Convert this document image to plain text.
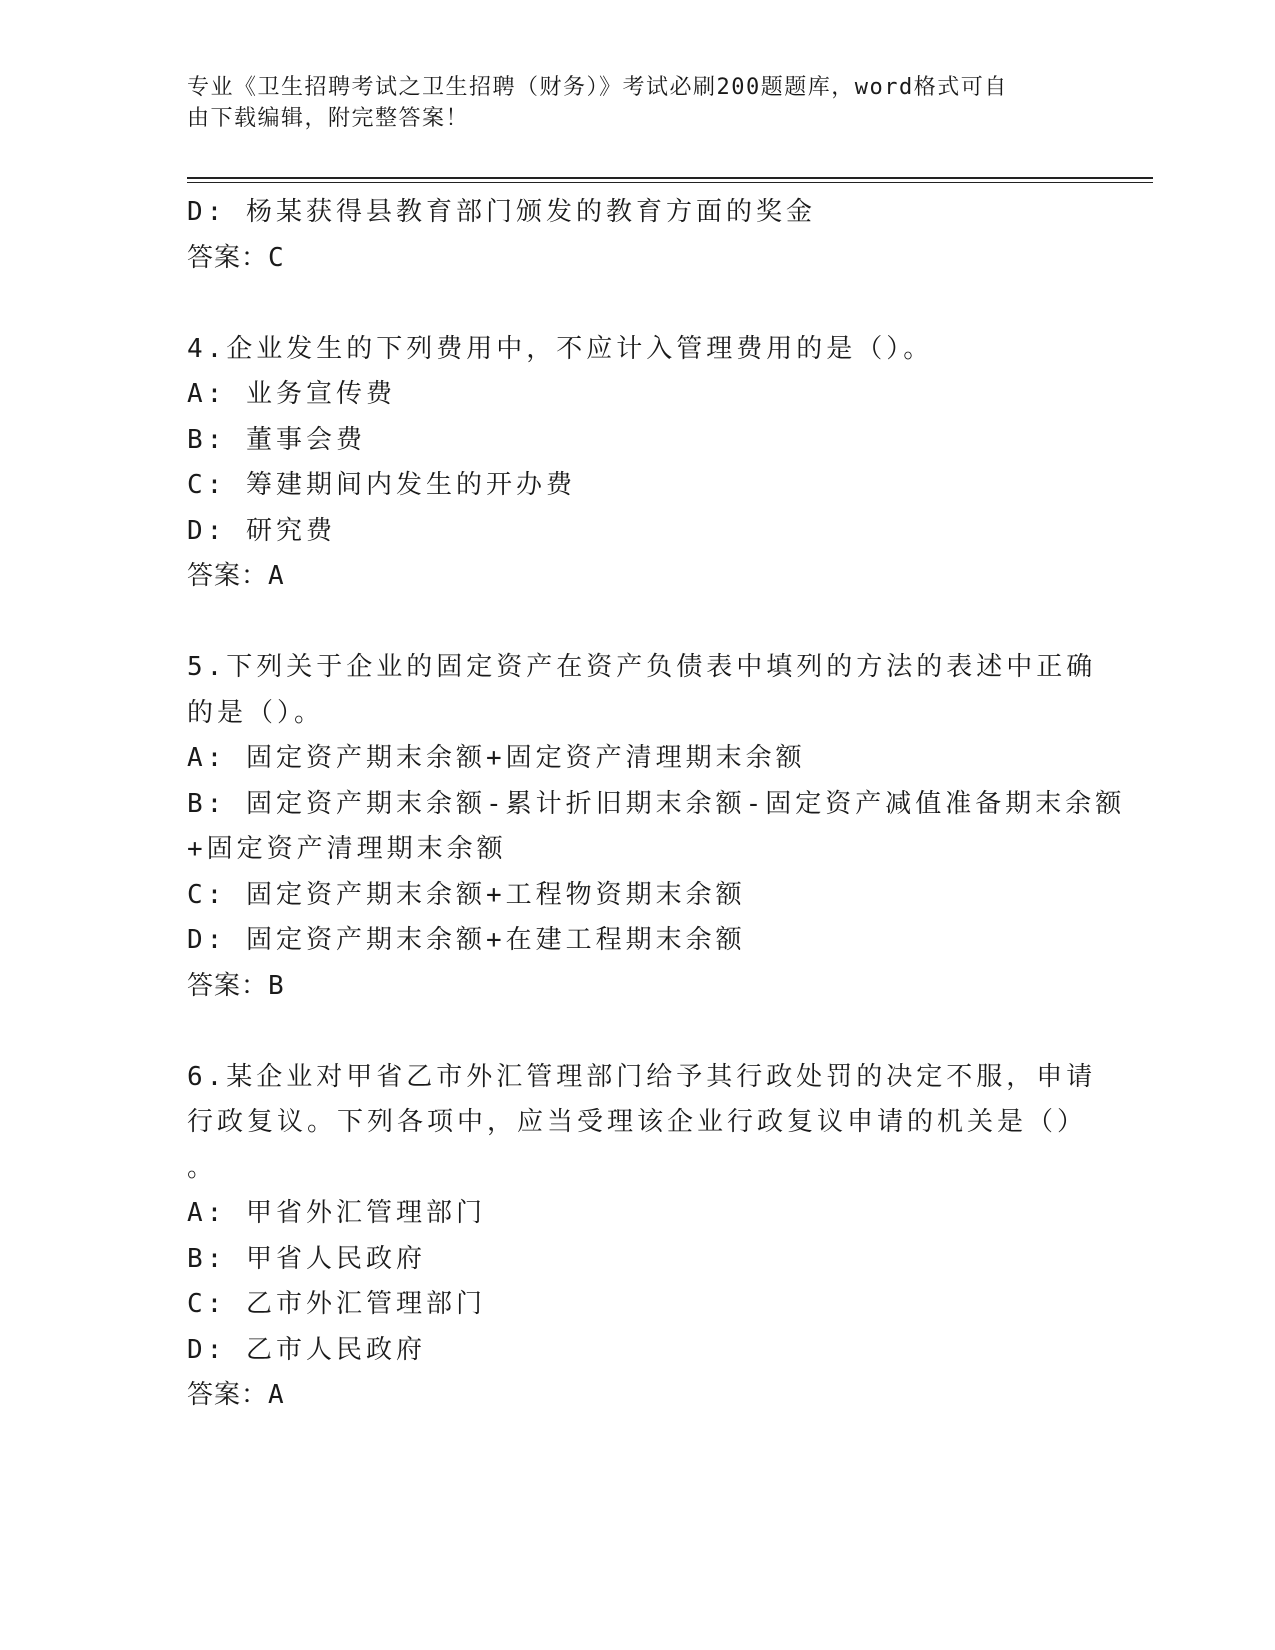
专业《卫生招聘考试之卫生招聘（财务）》考试必刷200题题库，word格式可自
由下载编辑，附完整答案！
D: 杨某获得县教育部门颁发的教育方面的奖金
答案：C
4.企业发生的下列费用中，不应计入管理费用的是（）。
A: 业务宣传费
B: 董事会费
C: 筹建期间内发生的开办费
D: 研究费
答案：A
5.下列关于企业的固定资产在资产负债表中填列的方法的表述中正确
的是（）。
A: 固定资产期末余额+固定资产清理期末余额
B: 固定资产期末余额-累计折旧期末余额-固定资产减值准备期末余额
+固定资产清理期末余额
C: 固定资产期末余额+工程物资期末余额
D: 固定资产期末余额+在建工程期末余额
答案：B
6.某企业对甲省乙市外汇管理部门给予其行政处罚的决定不服，申请
行政复议。下列各项中，应当受理该企业行政复议申请的机关是（）
。
A: 甲省外汇管理部门
B: 甲省人民政府
C: 乙市外汇管理部门
D: 乙市人民政府
答案：A
